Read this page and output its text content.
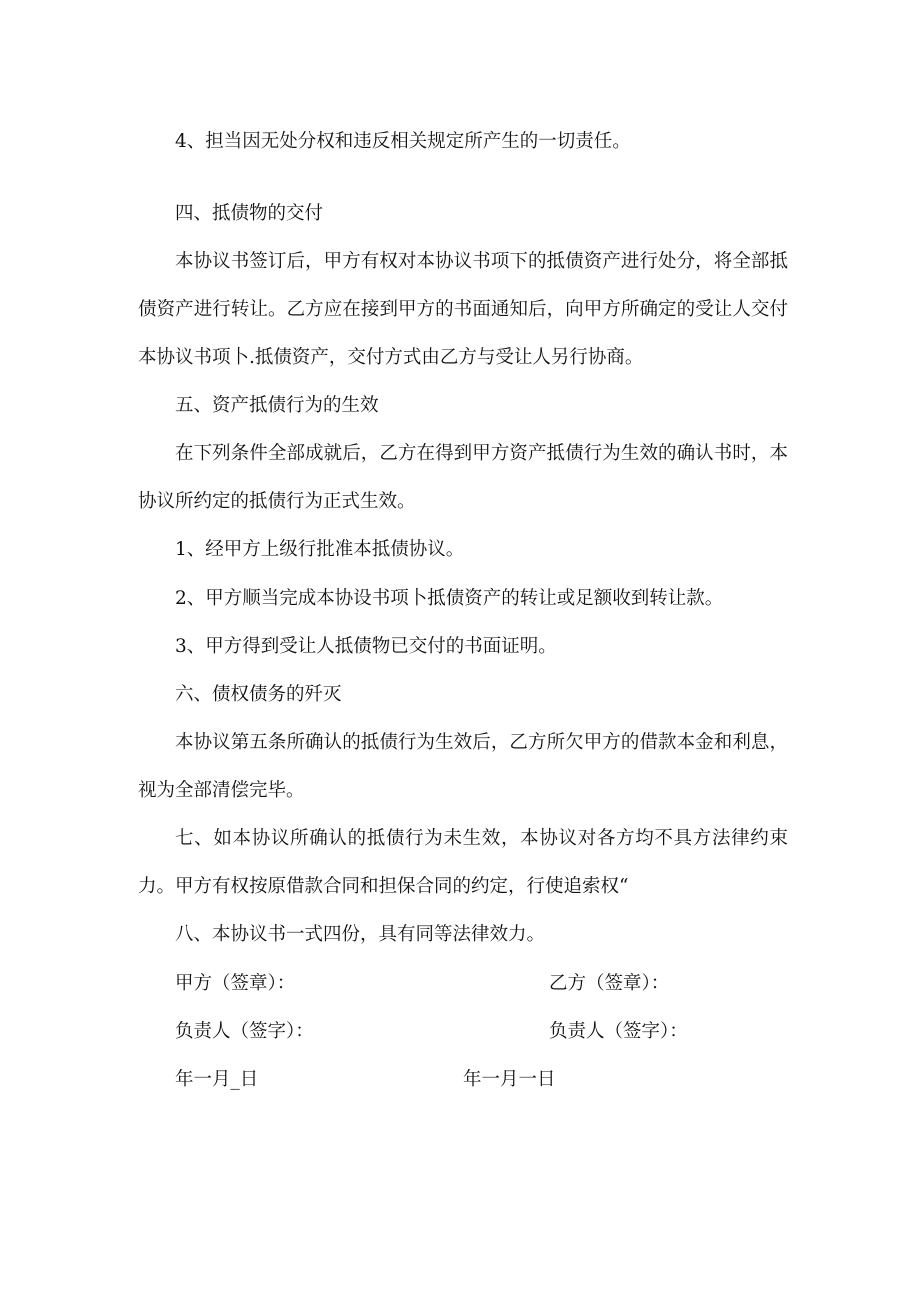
4、担当因无处分权和违反相关规定所产生的一切责任。

四、抵债物的交付

本协议书签订后，甲方有权对本协议书项下的抵债资产进行处分，将全部抵债资产进行转让。乙方应在接到甲方的书面通知后，向甲方所确定的受让人交付本协议书项卜.抵债资产，交付方式由乙方与受让人另行协商。

五、资产抵债行为的生效

在下列条件全部成就后，乙方在得到甲方资产抵债行为生效的确认书时，本协议所约定的抵债行为正式生效。

1、经甲方上级行批准本抵债协议。

2、甲方顺当完成本协设书项卜抵债资产的转让或足额收到转让款。

3、甲方得到受让人抵债物已交付的书面证明。

六、债权债务的歼灭

本协议第五条所确认的抵债行为生效后，乙方所欠甲方的借款本金和利息，视为全部清偿完毕。

七、如本协议所确认的抵债行为未生效，本协议对各方均不具方法律约束力。甲方有权按原借款合同和担保合同的约定，行使追索权“

八、本协议书一式四份，具有同等法律效力。

甲方（签章）：	乙方（签章）：

负责人（签字）：	负责人（签字）：

年一月_日	年一月一日
